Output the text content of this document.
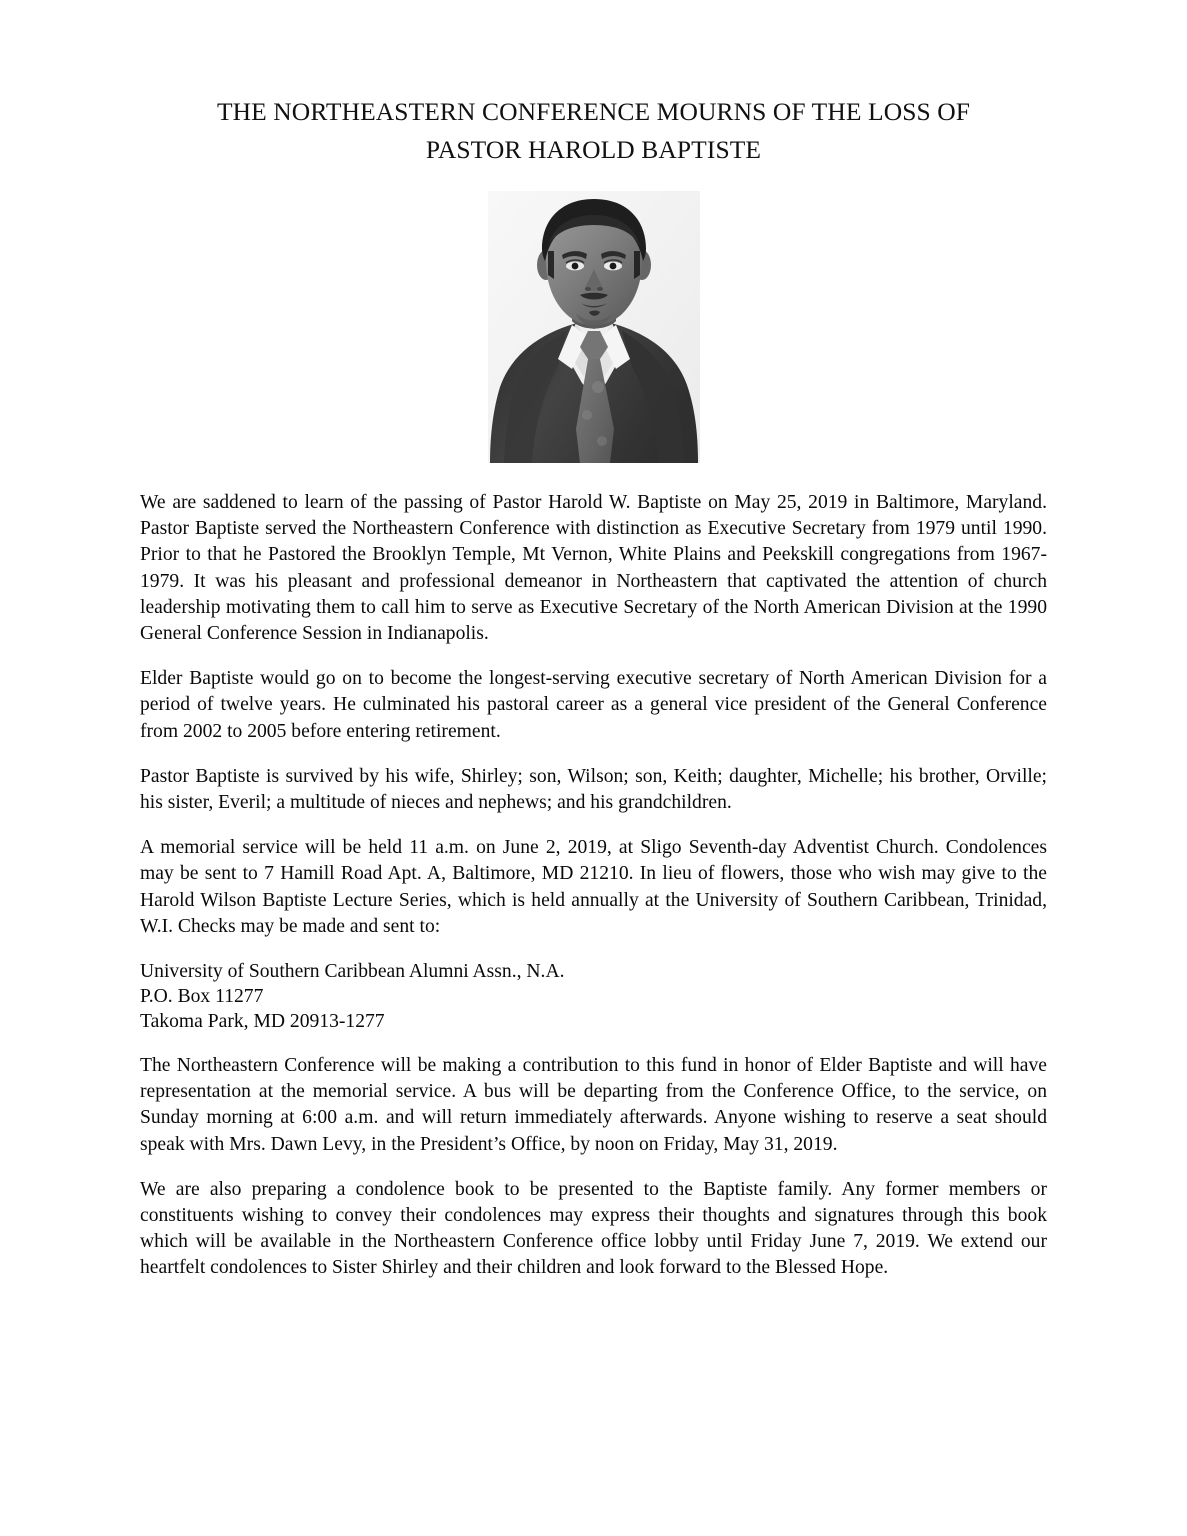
THE NORTHEASTERN CONFERENCE MOURNS OF THE LOSS OF
PASTOR HAROLD BAPTISTE

We are saddened to learn of the passing of Pastor Harold W. Baptiste on May 25, 2019 in Baltimore, Maryland. Pastor Baptiste served the Northeastern Conference with distinction as Executive Secretary from 1979 until 1990. Prior to that he Pastored the Brooklyn Temple, Mt Vernon, White Plains and Peekskill congregations from 1967-1979. It was his pleasant and professional demeanor in Northeastern that captivated the attention of church leadership motivating them to call him to serve as Executive Secretary of the North American Division at the 1990 General Conference Session in Indianapolis.

Elder Baptiste would go on to become the longest-serving executive secretary of North American Division for a period of twelve years. He culminated his pastoral career as a general vice president of the General Conference from 2002 to 2005 before entering retirement.

Pastor Baptiste is survived by his wife, Shirley; son, Wilson; son, Keith; daughter, Michelle; his brother, Orville; his sister, Everil; a multitude of nieces and nephews; and his grandchildren.

A memorial service will be held 11 a.m. on June 2, 2019, at Sligo Seventh-day Adventist Church. Condolences may be sent to 7 Hamill Road Apt. A, Baltimore, MD 21210. In lieu of flowers, those who wish may give to the Harold Wilson Baptiste Lecture Series, which is held annually at the University of Southern Caribbean, Trinidad, W.I. Checks may be made and sent to:

University of Southern Caribbean Alumni Assn., N.A.
P.O. Box 11277
Takoma Park, MD 20913-1277

The Northeastern Conference will be making a contribution to this fund in honor of Elder Baptiste and will have representation at the memorial service. A bus will be departing from the Conference Office, to the service, on Sunday morning at 6:00 a.m. and will return immediately afterwards. Anyone wishing to reserve a seat should speak with Mrs. Dawn Levy, in the President’s Office, by noon on Friday, May 31, 2019.

We are also preparing a condolence book to be presented to the Baptiste family. Any former members or constituents wishing to convey their condolences may express their thoughts and signatures through this book which will be available in the Northeastern Conference office lobby until Friday June 7, 2019. We extend our heartfelt condolences to Sister Shirley and their children and look forward to the Blessed Hope.
